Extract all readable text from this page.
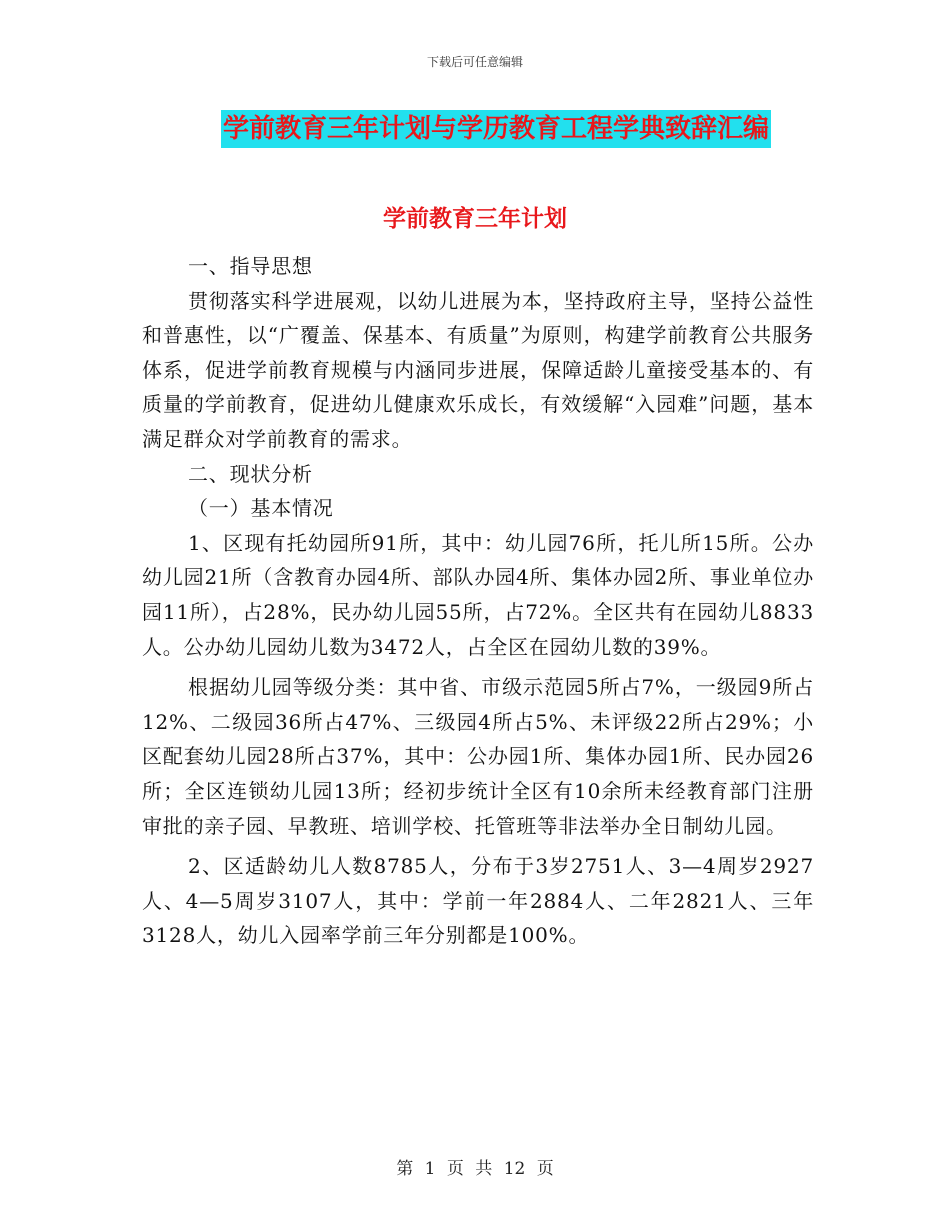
下载后可任意编辑
学前教育三年计划与学历教育工程学典致辞汇编
学前教育三年计划

一、指导思想

贯彻落实科学进展观，以幼儿进展为本，坚持政府主导，坚持公益性和普惠性，以“广覆盖、保基本、有质量”为原则，构建学前教育公共服务体系，促进学前教育规模与内涵同步进展，保障适龄儿童接受基本的、有质量的学前教育，促进幼儿健康欢乐成长，有效缓解“入园难”问题，基本满足群众对学前教育的需求。

二、现状分析

（一）基本情况

1、区现有托幼园所91所，其中：幼儿园76所，托儿所15所。公办幼儿园21所（含教育办园4所、部队办园4所、集体办园2所、事业单位办园11所），占28%，民办幼儿园55所，占72%。全区共有在园幼儿8833人。公办幼儿园幼儿数为3472人，占全区在园幼儿数的39%。

根据幼儿园等级分类：其中省、市级示范园5所占7%，一级园9所占12%、二级园36所占47%、三级园4所占5%、未评级22所占29%；小区配套幼儿园28所占37%，其中：公办园1所、集体办园1所、民办园26所；全区连锁幼儿园13所；经初步统计全区有10余所未经教育部门注册审批的亲子园、早教班、培训学校、托管班等非法举办全日制幼儿园。

2、区适龄幼儿人数8785人，分布于3岁2751人、3—4周岁2927人、4—5周岁3107人，其中：学前一年2884人、二年2821人、三年3128人，幼儿入园率学前三年分别都是100%。

第 1 页 共 12 页
